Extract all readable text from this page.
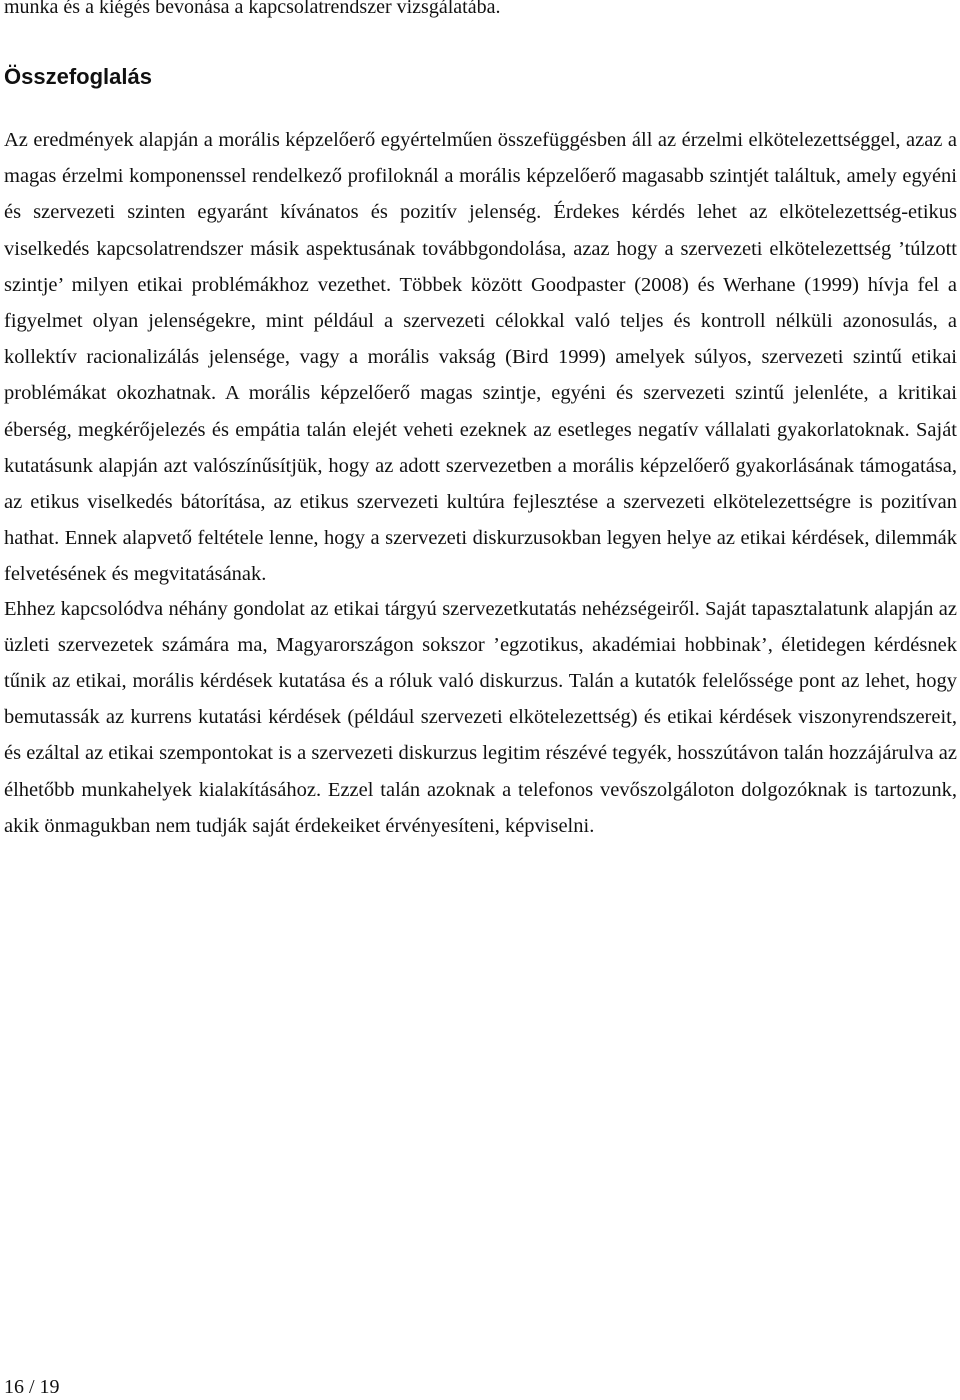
munka és a kiégés bevonása a kapcsolatrendszer vizsgálatába.
Összefoglalás

Az eredmények alapján a morális képzelőerő egyértelműen összefüggésben áll az érzelmi elkötelezettséggel, azaz a magas érzelmi komponenssel rendelkező profiloknál a morális képzelőerő magasabb szintjét találtuk, amely egyéni és szervezeti szinten egyaránt kívánatos és pozitív jelenség. Érdekes kérdés lehet az elkötelezettség-etikus viselkedés kapcsolatrendszer másik aspektusának továbbgondolása, azaz hogy a szervezeti elkötelezettség ’túlzott szintje’ milyen etikai problémákhoz vezethet. Többek között Goodpaster (2008) és Werhane (1999) hívja fel a figyelmet olyan jelenségekre, mint például a szervezeti célokkal való teljes és kontroll nélküli azonosulás, a kollektív racionalizálás jelensége, vagy a morális vakság (Bird 1999) amelyek súlyos, szervezeti szintű etikai problémákat okozhatnak. A morális képzelőerő magas szintje, egyéni és szervezeti szintű jelenléte, a kritikai éberség, megkérőjelezés és empátia talán elejét veheti ezeknek az esetleges negatív vállalati gyakorlatoknak. Saját kutatásunk alapján azt valószínűsítjük, hogy az adott szervezetben a morális képzelőerő gyakorlásának támogatása, az etikus viselkedés bátorítása, az etikus szervezeti kultúra fejlesztése a szervezeti elkötelezettségre is pozitívan hathat. Ennek alapvető feltétele lenne, hogy a szervezeti diskurzusokban legyen helye az etikai kérdések, dilemmák felvetésének és megvitatásának.

Ehhez kapcsolódva néhány gondolat az etikai tárgyú szervezetkutatás nehézségeiről. Saját tapasztalatunk alapján az üzleti szervezetek számára ma, Magyarországon sokszor ’egzotikus, akadémiai hobbinak’, életidegen kérdésnek tűnik az etikai, morális kérdések kutatása és a róluk való diskurzus. Talán a kutatók felelőssége pont az lehet, hogy bemutassák az kurrens kutatási kérdések (például szervezeti elkötelezettség) és etikai kérdések viszonyrendszereit, és ezáltal az etikai szempontokat is a szervezeti diskurzus legitim részévé tegyék, hosszútávon talán hozzájárulva az élhetőbb munkahelyek kialakításához. Ezzel talán azoknak a telefonos vevőszolgáloton dolgozóknak is tartozunk, akik önmagukban nem tudják saját érdekeiket érvényesíteni, képviselni.

16 / 19
